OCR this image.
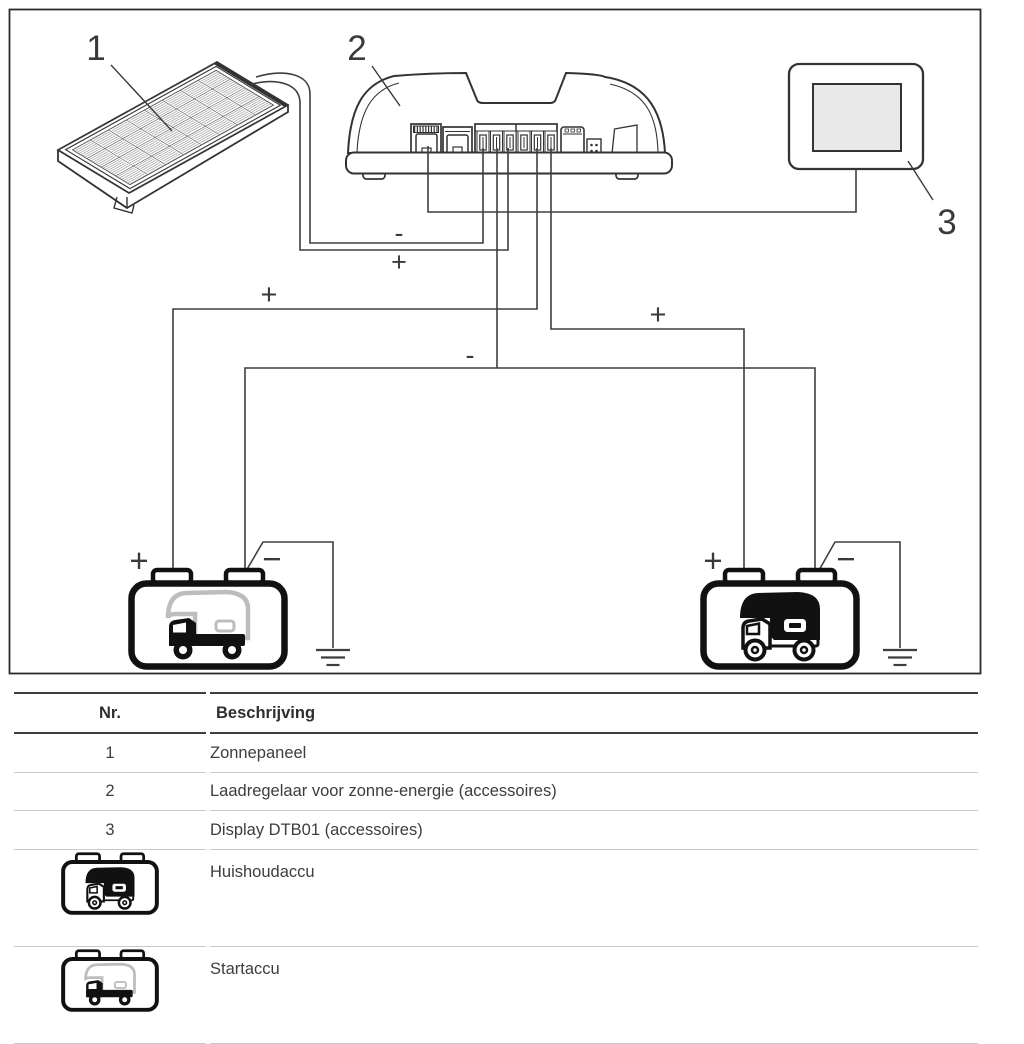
1	2
3
-
+
+
-
+
+	−	+	−
Nr.	Beschrijving
1	Zonnepaneel
2	Laadregelaar voor zonne-energie (accessoires)
3	Display DTB01 (accessoires)
	Huishoudaccu
	Startaccu
